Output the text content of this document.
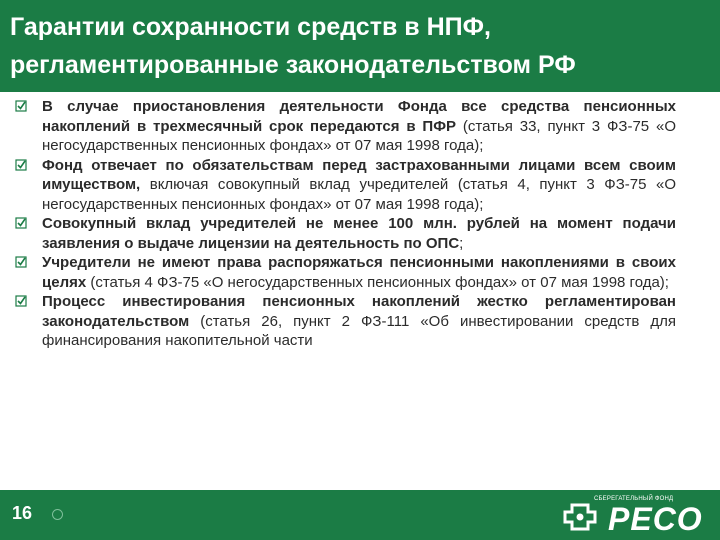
Гарантии сохранности средств в НПФ,
регламентированные законодательством РФ

В случае приостановления деятельности Фонда все средства пенсионных накоплений в трехмесячный срок передаются в ПФР (статья 33, пункт 3 ФЗ-75 «О негосударственных пенсионных фондах» от 07 мая 1998 года);

Фонд отвечает по обязательствам перед застрахованными лицами всем своим имуществом, включая совокупный вклад учредителей (статья 4, пункт 3 ФЗ-75 «О негосударственных пенсионных фондах» от 07 мая 1998 года);

Совокупный вклад учредителей не менее 100 млн. рублей на момент подачи заявления о выдаче лицензии на деятельность по ОПС;

Учредители не имеют права распоряжаться пенсионными накоплениями в своих целях (статья 4 ФЗ-75 «О негосударственных пенсионных фондах» от 07 мая 1998 года);

Процесс инвестирования пенсионных накоплений жестко регламентирован законодательством (статья 26, пункт 2 ФЗ-111 «Об инвестировании средств для финансирования накопительной части

16
СБЕРЕГАТЕЛЬНЫЙ ФОНД
РЕСО
